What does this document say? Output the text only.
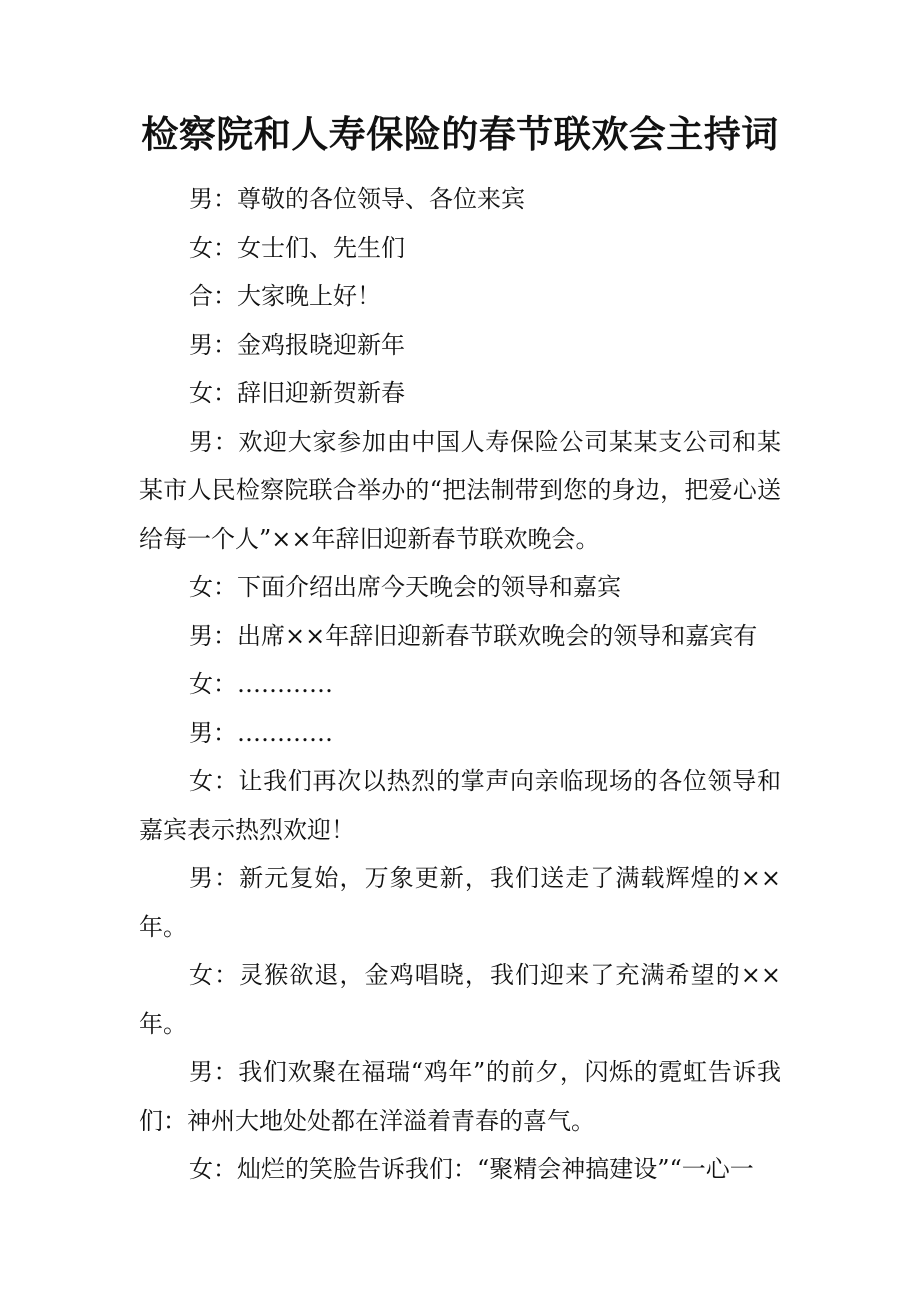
检察院和人寿保险的春节联欢会主持词

男：尊敬的各位领导、各位来宾

女：女士们、先生们

合：大家晚上好！

男：金鸡报晓迎新年

女：辞旧迎新贺新春

男：欢迎大家参加由中国人寿保险公司某某支公司和某某市人民检察院联合举办的“把法制带到您的身边，把爱心送给每一个人”××年辞旧迎新春节联欢晚会。

女：下面介绍出席今天晚会的领导和嘉宾

男：出席××年辞旧迎新春节联欢晚会的领导和嘉宾有

女：…………

男：…………

女：让我们再次以热烈的掌声向亲临现场的各位领导和嘉宾表示热烈欢迎！

男：新元复始，万象更新，我们送走了满载辉煌的××年。

女：灵猴欲退，金鸡唱晓，我们迎来了充满希望的××年。

男：我们欢聚在福瑞“鸡年”的前夕，闪烁的霓虹告诉我们：神州大地处处都在洋溢着青春的喜气。

女：灿烂的笑脸告诉我们：“聚精会神搞建设”“一心一
